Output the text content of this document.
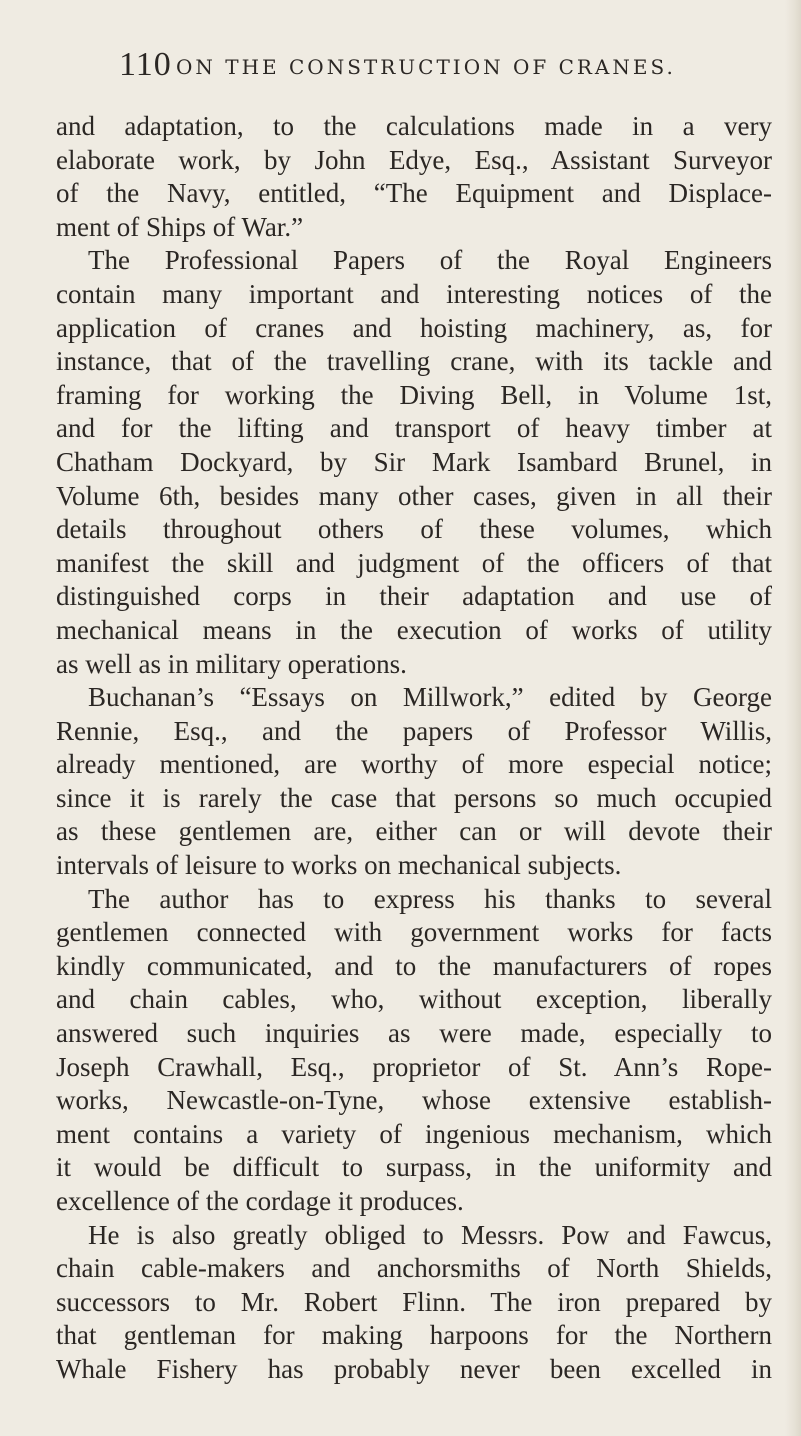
110 ON THE CONSTRUCTION OF CRANES.
and adaptation, to the calculations made in a very
elaborate work, by John Edye, Esq., Assistant Surveyor
of the Navy, entitled, “The Equipment and Displace-
ment of Ships of War.”
The Professional Papers of the Royal Engineers
contain many important and interesting notices of the
application of cranes and hoisting machinery, as, for
instance, that of the travelling crane, with its tackle and
framing for working the Diving Bell, in Volume 1st,
and for the lifting and transport of heavy timber at
Chatham Dockyard, by Sir Mark Isambard Brunel, in
Volume 6th, besides many other cases, given in all their
details throughout others of these volumes, which
manifest the skill and judgment of the officers of that
distinguished corps in their adaptation and use of
mechanical means in the execution of works of utility
as well as in military operations.
Buchanan’s “Essays on Millwork,” edited by George
Rennie, Esq., and the papers of Professor Willis,
already mentioned, are worthy of more especial notice;
since it is rarely the case that persons so much occupied
as these gentlemen are, either can or will devote their
intervals of leisure to works on mechanical subjects.
The author has to express his thanks to several
gentlemen connected with government works for facts
kindly communicated, and to the manufacturers of ropes
and chain cables, who, without exception, liberally
answered such inquiries as were made, especially to
Joseph Crawhall, Esq., proprietor of St. Ann’s Rope-
works, Newcastle-on-Tyne, whose extensive establish-
ment contains a variety of ingenious mechanism, which
it would be difficult to surpass, in the uniformity and
excellence of the cordage it produces.
He is also greatly obliged to Messrs. Pow and Fawcus,
chain cable-makers and anchorsmiths of North Shields,
successors to Mr. Robert Flinn. The iron prepared by
that gentleman for making harpoons for the Northern
Whale Fishery has probably never been excelled in
